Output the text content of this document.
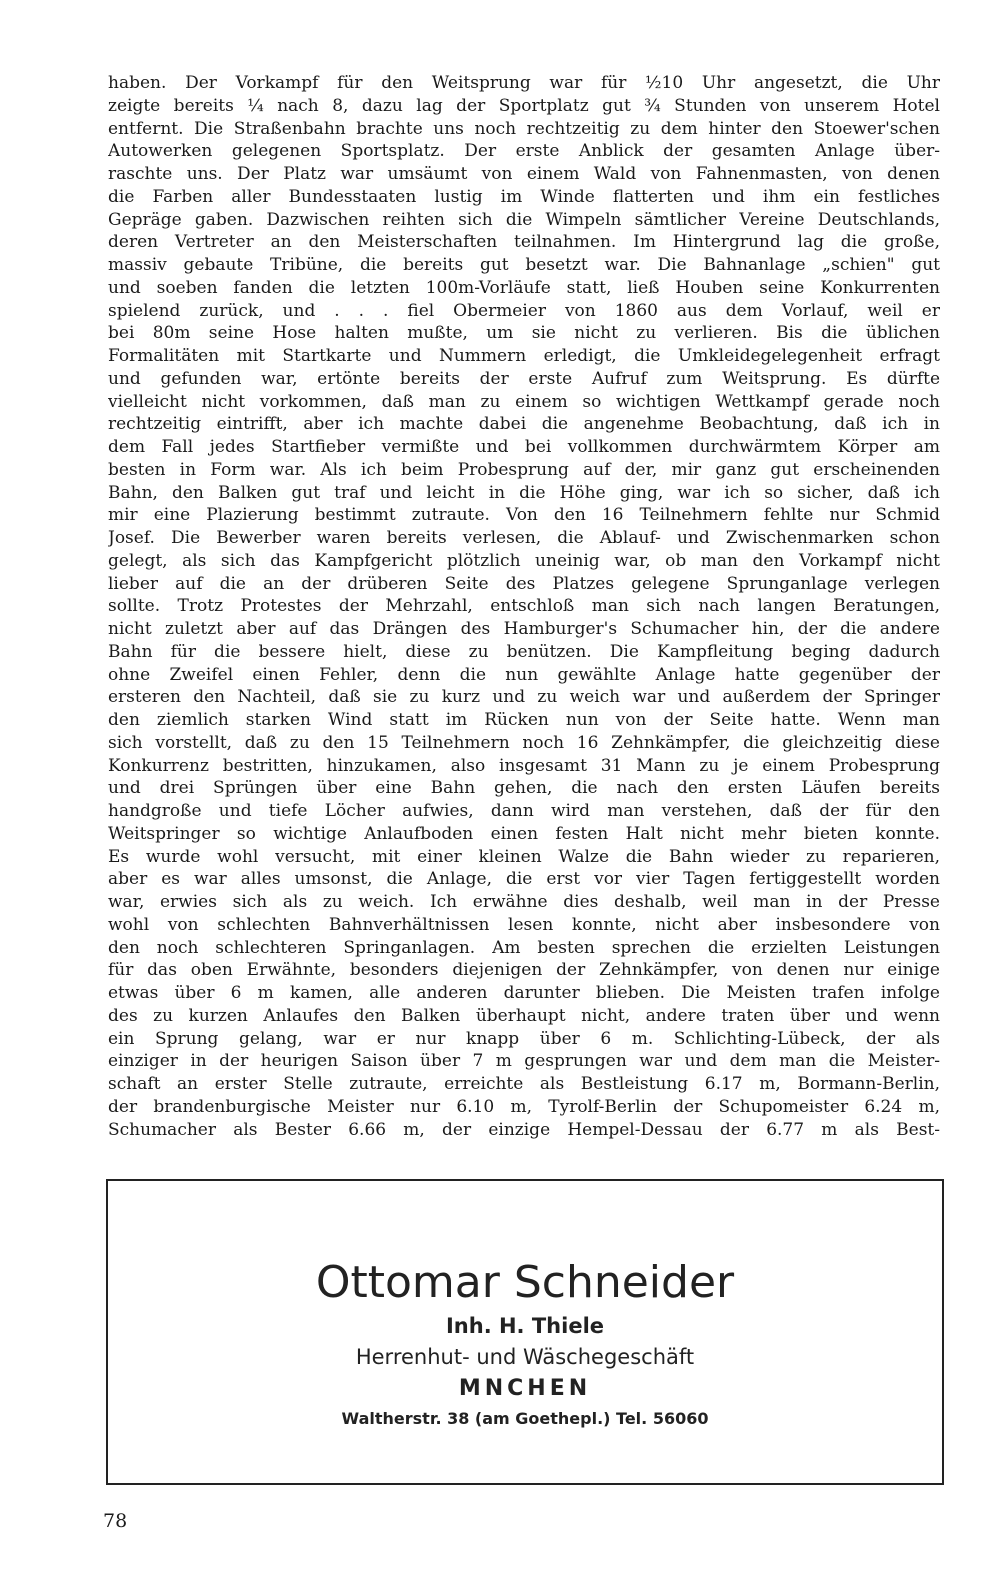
haben. Der Vorkampf für den Weitsprung war für ½10 Uhr angesetzt, die Uhr
zeigte bereits ¼ nach 8, dazu lag der Sportplatz gut ¾ Stunden von unserem Hotel
entfernt. Die Straßenbahn brachte uns noch rechtzeitig zu dem hinter den Stoewer'schen
Autowerken gelegenen Sportsplatz. Der erste Anblick der gesamten Anlage über-
raschte uns. Der Platz war umsäumt von einem Wald von Fahnenmasten, von denen
die Farben aller Bundesstaaten lustig im Winde flatterten und ihm ein festliches
Gepräge gaben. Dazwischen reihten sich die Wimpeln sämtlicher Vereine Deutschlands,
deren Vertreter an den Meisterschaften teilnahmen. Im Hintergrund lag die große,
massiv gebaute Tribüne, die bereits gut besetzt war. Die Bahnanlage „schien" gut
und soeben fanden die letzten 100m-Vorläufe statt, ließ Houben seine Konkurrenten
spielend zurück, und . . . fiel Obermeier von 1860 aus dem Vorlauf, weil er
bei 80m seine Hose halten mußte, um sie nicht zu verlieren. Bis die üblichen
Formalitäten mit Startkarte und Nummern erledigt, die Umkleidegelegenheit erfragt
und gefunden war, ertönte bereits der erste Aufruf zum Weitsprung. Es dürfte
vielleicht nicht vorkommen, daß man zu einem so wichtigen Wettkampf gerade noch
rechtzeitig eintrifft, aber ich machte dabei die angenehme Beobachtung, daß ich in
dem Fall jedes Startfieber vermißte und bei vollkommen durchwärmtem Körper am
besten in Form war. Als ich beim Probesprung auf der, mir ganz gut erscheinenden
Bahn, den Balken gut traf und leicht in die Höhe ging, war ich so sicher, daß ich
mir eine Plazierung bestimmt zutraute. Von den 16 Teilnehmern fehlte nur Schmid
Josef. Die Bewerber waren bereits verlesen, die Ablauf- und Zwischenmarken schon
gelegt, als sich das Kampfgericht plötzlich uneinig war, ob man den Vorkampf nicht
lieber auf die an der drüberen Seite des Platzes gelegene Sprunganlage verlegen
sollte. Trotz Protestes der Mehrzahl, entschloß man sich nach langen Beratungen,
nicht zuletzt aber auf das Drängen des Hamburger's Schumacher hin, der die andere
Bahn für die bessere hielt, diese zu benützen. Die Kampfleitung beging dadurch
ohne Zweifel einen Fehler, denn die nun gewählte Anlage hatte gegenüber der
ersteren den Nachteil, daß sie zu kurz und zu weich war und außerdem der Springer
den ziemlich starken Wind statt im Rücken nun von der Seite hatte. Wenn man
sich vorstellt, daß zu den 15 Teilnehmern noch 16 Zehnkämpfer, die gleichzeitig diese
Konkurrenz bestritten, hinzukamen, also insgesamt 31 Mann zu je einem Probesprung
und drei Sprüngen über eine Bahn gehen, die nach den ersten Läufen bereits
handgroße und tiefe Löcher aufwies, dann wird man verstehen, daß der für den
Weitspringer so wichtige Anlaufboden einen festen Halt nicht mehr bieten konnte.
Es wurde wohl versucht, mit einer kleinen Walze die Bahn wieder zu reparieren,
aber es war alles umsonst, die Anlage, die erst vor vier Tagen fertiggestellt worden
war, erwies sich als zu weich. Ich erwähne dies deshalb, weil man in der Presse
wohl von schlechten Bahnverhältnissen lesen konnte, nicht aber insbesondere von
den noch schlechteren Springanlagen. Am besten sprechen die erzielten Leistungen
für das oben Erwähnte, besonders diejenigen der Zehnkämpfer, von denen nur einige
etwas über 6 m kamen, alle anderen darunter blieben. Die Meisten trafen infolge
des zu kurzen Anlaufes den Balken überhaupt nicht, andere traten über und wenn
ein Sprung gelang, war er nur knapp über 6 m. Schlichting-Lübeck, der als
einziger in der heurigen Saison über 7 m gesprungen war und dem man die Meister-
schaft an erster Stelle zutraute, erreichte als Bestleistung 6.17 m, Bormann-Berlin,
der brandenburgische Meister nur 6.10 m, Tyrolf-Berlin der Schupomeister 6.24 m,
Schumacher als Bester 6.66 m, der einzige Hempel-Dessau der 6.77 m als Best-
Ottomar Schneider
Inh. H. Thiele
Herrenhut- und Wäschegeschäft
MNCHEN
Waltherstr. 38 (am Goethepl.) Tel. 56060
78
